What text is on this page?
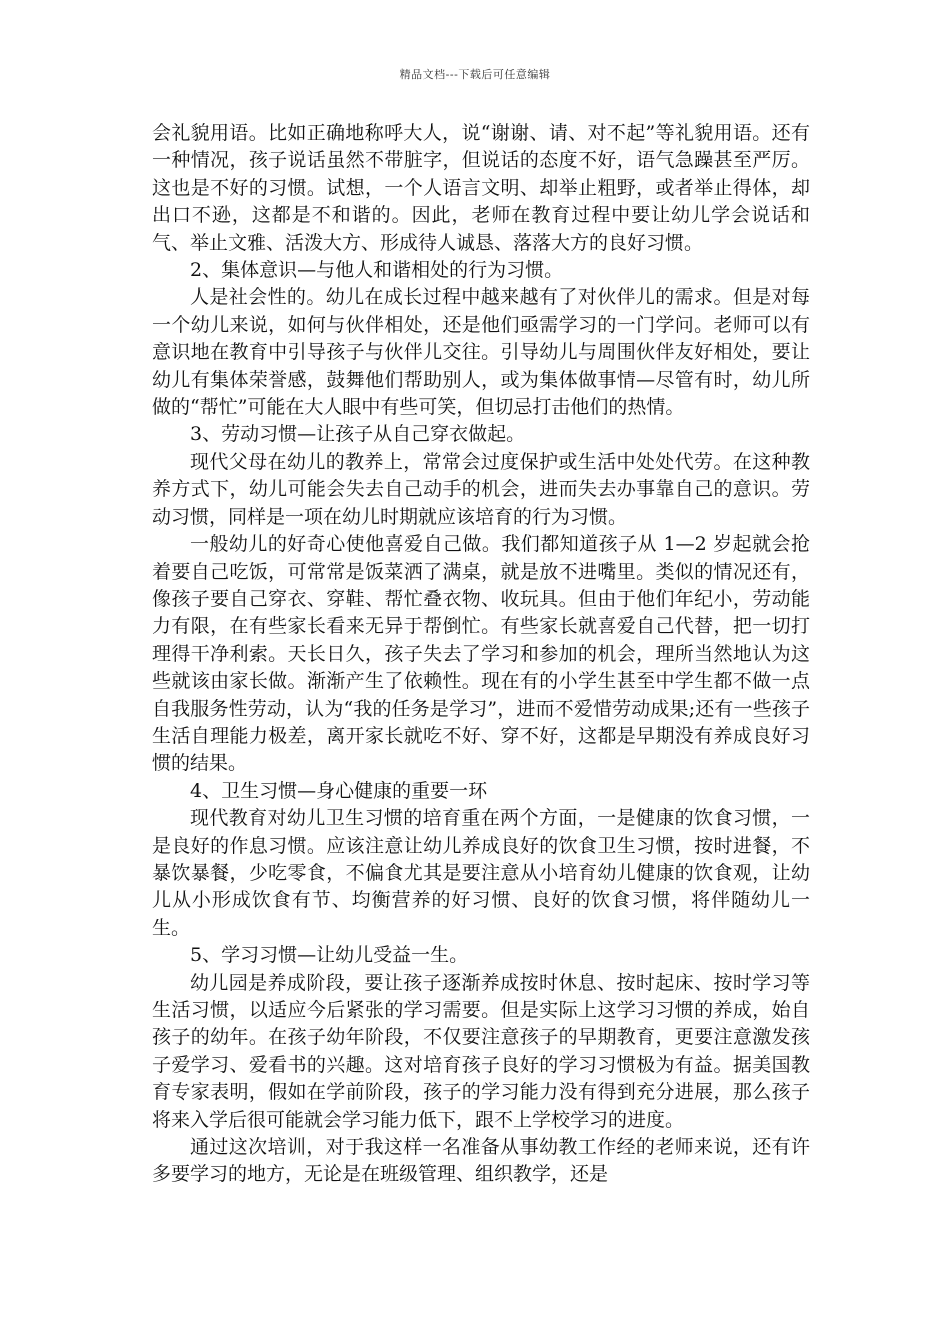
精品文档---下载后可任意编辑

会礼貌用语。比如正确地称呼大人，说“谢谢、请、对不起”等礼貌用语。还有一种情况，孩子说话虽然不带脏字，但说话的态度不好，语气急躁甚至严厉。这也是不好的习惯。试想，一个人语言文明、却举止粗野，或者举止得体，却出口不逊，这都是不和谐的。因此，老师在教育过程中要让幼儿学会说话和气、举止文雅、活泼大方、形成待人诚恳、落落大方的良好习惯。

2、集体意识—与他人和谐相处的行为习惯。

人是社会性的。幼儿在成长过程中越来越有了对伙伴儿的需求。但是对每一个幼儿来说，如何与伙伴相处，还是他们亟需学习的一门学问。老师可以有意识地在教育中引导孩子与伙伴儿交往。引导幼儿与周围伙伴友好相处，要让幼儿有集体荣誉感，鼓舞他们帮助别人，或为集体做事情—尽管有时，幼儿所做的“帮忙”可能在大人眼中有些可笑，但切忌打击他们的热情。

3、劳动习惯—让孩子从自己穿衣做起。

现代父母在幼儿的教养上，常常会过度保护或生活中处处代劳。在这种教养方式下，幼儿可能会失去自己动手的机会，进而失去办事靠自己的意识。劳动习惯，同样是一项在幼儿时期就应该培育的行为习惯。

一般幼儿的好奇心使他喜爱自己做。我们都知道孩子从 1—2 岁起就会抢着要自己吃饭，可常常是饭菜洒了满桌，就是放不进嘴里。类似的情况还有，像孩子要自己穿衣、穿鞋、帮忙叠衣物、收玩具。但由于他们年纪小，劳动能力有限，在有些家长看来无异于帮倒忙。有些家长就喜爱自己代替，把一切打理得干净利索。天长日久，孩子失去了学习和参加的机会，理所当然地认为这些就该由家长做。渐渐产生了依赖性。现在有的小学生甚至中学生都不做一点自我服务性劳动，认为“我的任务是学习”，进而不爱惜劳动成果;还有一些孩子生活自理能力极差，离开家长就吃不好、穿不好，这都是早期没有养成良好习惯的结果。

4、卫生习惯—身心健康的重要一环

现代教育对幼儿卫生习惯的培育重在两个方面，一是健康的饮食习惯，一是良好的作息习惯。应该注意让幼儿养成良好的饮食卫生习惯，按时进餐，不暴饮暴餐，少吃零食，不偏食尤其是要注意从小培育幼儿健康的饮食观，让幼儿从小形成饮食有节、均衡营养的好习惯、良好的饮食习惯，将伴随幼儿一生。

5、学习习惯—让幼儿受益一生。

幼儿园是养成阶段，要让孩子逐渐养成按时休息、按时起床、按时学习等生活习惯，以适应今后紧张的学习需要。但是实际上这学习习惯的养成，始自孩子的幼年。在孩子幼年阶段，不仅要注意孩子的早期教育，更要注意激发孩子爱学习、爱看书的兴趣。这对培育孩子良好的学习习惯极为有益。据美国教育专家表明，假如在学前阶段，孩子的学习能力没有得到充分进展，那么孩子将来入学后很可能就会学习能力低下，跟不上学校学习的进度。

通过这次培训，对于我这样一名准备从事幼教工作经的老师来说，还有许多要学习的地方，无论是在班级管理、组织教学，还是
